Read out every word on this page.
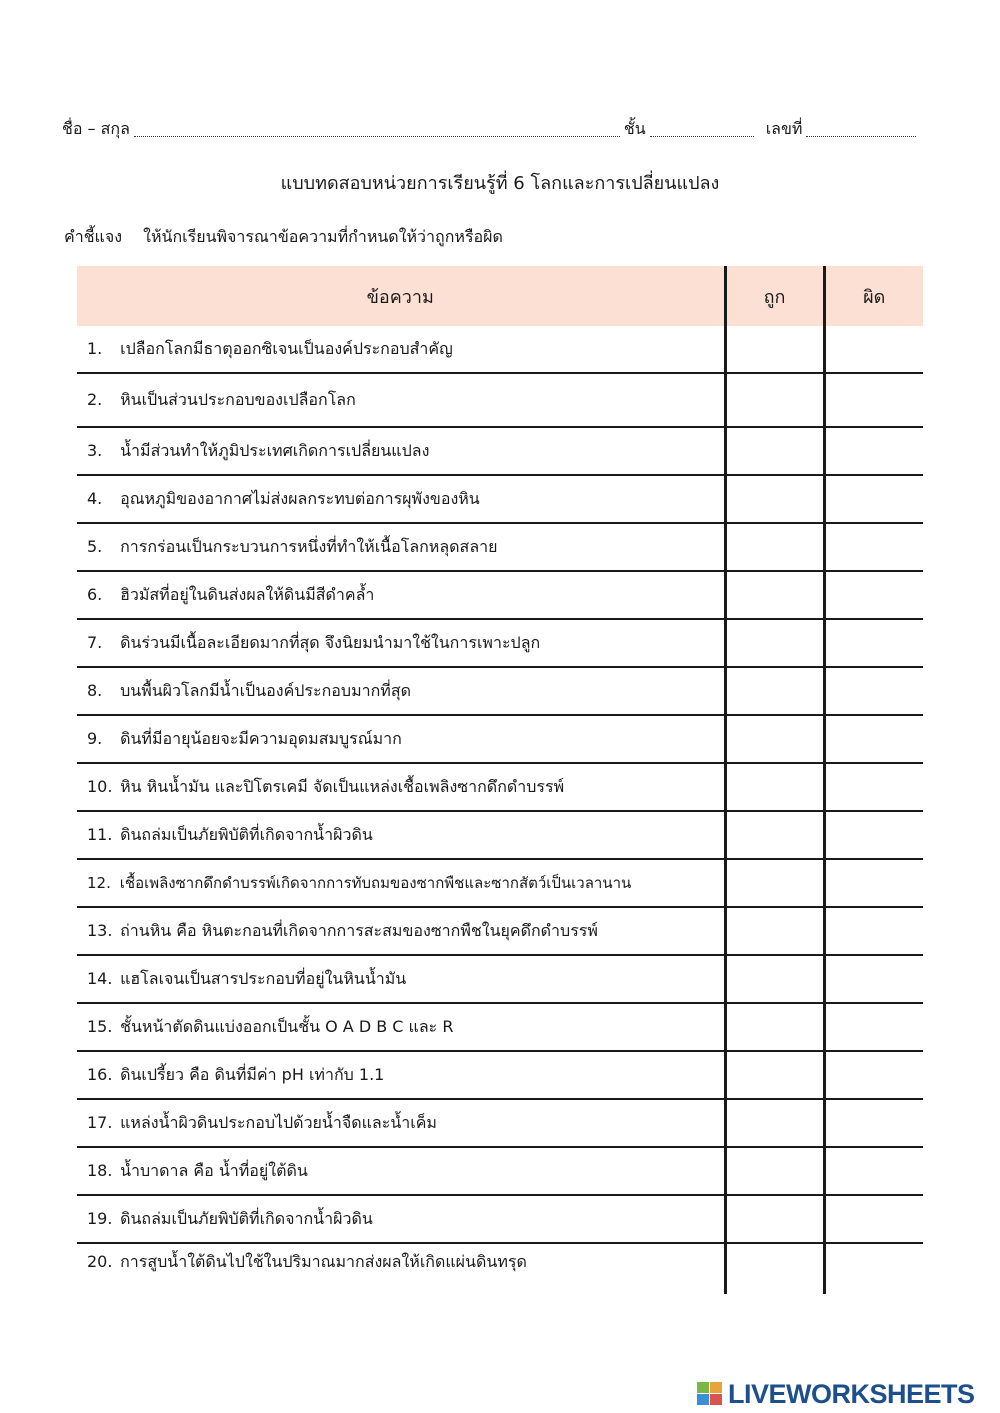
ชื่อ – สกุล	ชั้น	เลขที่
แบบทดสอบหน่วยการเรียนรู้ที่ 6 โลกและการเปลี่ยนแปลง
คำชี้แจง ให้นักเรียนพิจารณาข้อความที่กำหนดให้ว่าถูกหรือผิด
ข้อความ	ถูก	ผิด
1. เปลือกโลกมีธาตุออกซิเจนเป็นองค์ประกอบสำคัญ		
2. หินเป็นส่วนประกอบของเปลือกโลก		
3. น้ำมีส่วนทำให้ภูมิประเทศเกิดการเปลี่ยนแปลง		
4. อุณหภูมิของอากาศไม่ส่งผลกระทบต่อการผุพังของหิน		
5. การกร่อนเป็นกระบวนการหนึ่งที่ทำให้เนื้อโลกหลุดสลาย		
6. ฮิวมัสที่อยู่ในดินส่งผลให้ดินมีสีดำคล้ำ		
7. ดินร่วนมีเนื้อละเอียดมากที่สุด จึงนิยมนำมาใช้ในการเพาะปลูก		
8. บนพื้นผิวโลกมีน้ำเป็นองค์ประกอบมากที่สุด		
9. ดินที่มีอายุน้อยจะมีความอุดมสมบูรณ์มาก		
10. หิน หินน้ำมัน และปิโตรเคมี จัดเป็นแหล่งเชื้อเพลิงซากดึกดำบรรพ์		
11. ดินถล่มเป็นภัยพิบัติที่เกิดจากน้ำผิวดิน		
12. เชื้อเพลิงซากดึกดำบรรพ์เกิดจากการทับถมของซากพืชและซากสัตว์เป็นเวลานาน		
13. ถ่านหิน คือ หินตะกอนที่เกิดจากการสะสมของซากพืชในยุคดึกดำบรรพ์		
14. แฮโลเจนเป็นสารประกอบที่อยู่ในหินน้ำมัน		
15. ชั้นหน้าตัดดินแบ่งออกเป็นชั้น O A D B C และ R		
16. ดินเปรี้ยว คือ ดินที่มีค่า pH เท่ากับ 1.1		
17. แหล่งน้ำผิวดินประกอบไปด้วยน้ำจืดและน้ำเค็ม		
18. น้ำบาดาล คือ น้ำที่อยู่ใต้ดิน		
19. ดินถล่มเป็นภัยพิบัติที่เกิดจากน้ำผิวดิน		
20. การสูบน้ำใต้ดินไปใช้ในปริมาณมากส่งผลให้เกิดแผ่นดินทรุด		
LIVEWORKSHEETS
